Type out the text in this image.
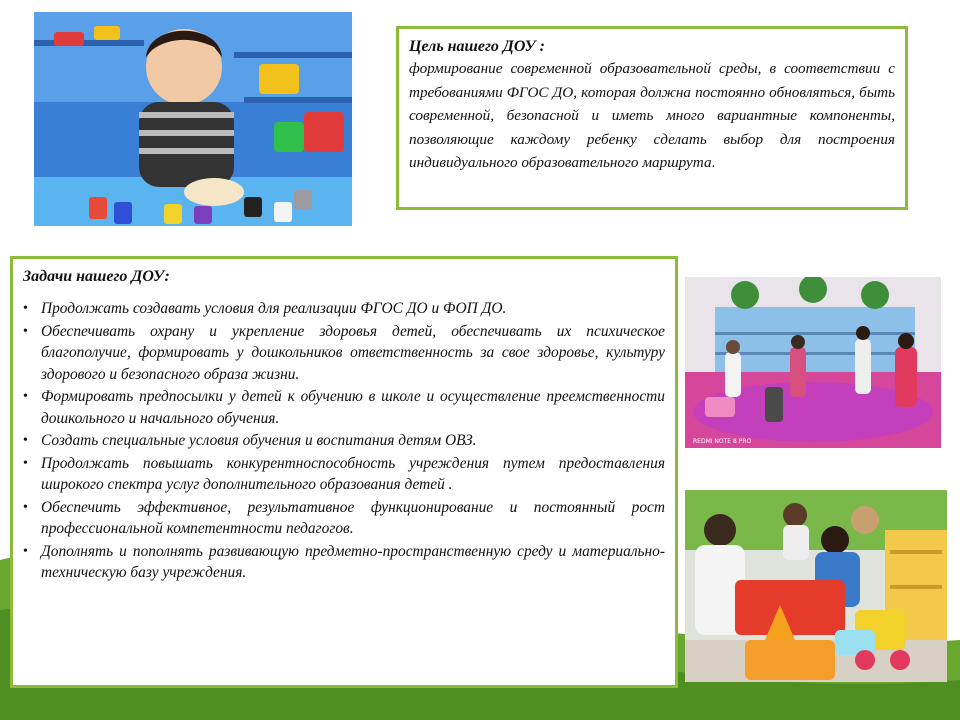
REDMI NOTE 8 PRO
Цель нашего ДОУ :

формирование современной образовательной среды, в соответствии с требованиями ФГОС ДО, которая должна постоянно обновляться, быть современной, безопасной и иметь много вариантные компоненты, позволяющие каждому ребенку сделать выбор для построения индивидуального образовательного маршрута.

Задачи нашего ДОУ:
• Продолжать создавать условия для реализации ФГОС ДО и ФОП ДО.
• Обеспечивать охрану и укрепление здоровья детей, обеспечивать их психическое благополучие, формировать у дошкольников ответственность за свое здоровье, культуру здорового и безопасного образа жизни.
• Формировать предпосылки у детей к обучению в школе и осуществление преемственности дошкольного и начального обучения.
• Создать специальные условия обучения и воспитания детям ОВЗ.
• Продолжать повышать конкурентноспособность учреждения путем предоставления широкого спектра услуг дополнительного образования детей .
• Обеспечить эффективное, результативное функционирование и постоянный рост профессиональной компетентности педагогов.
• Дополнять и пополнять развивающую предметно-пространственную среду и материально-техническую базу учреждения.
